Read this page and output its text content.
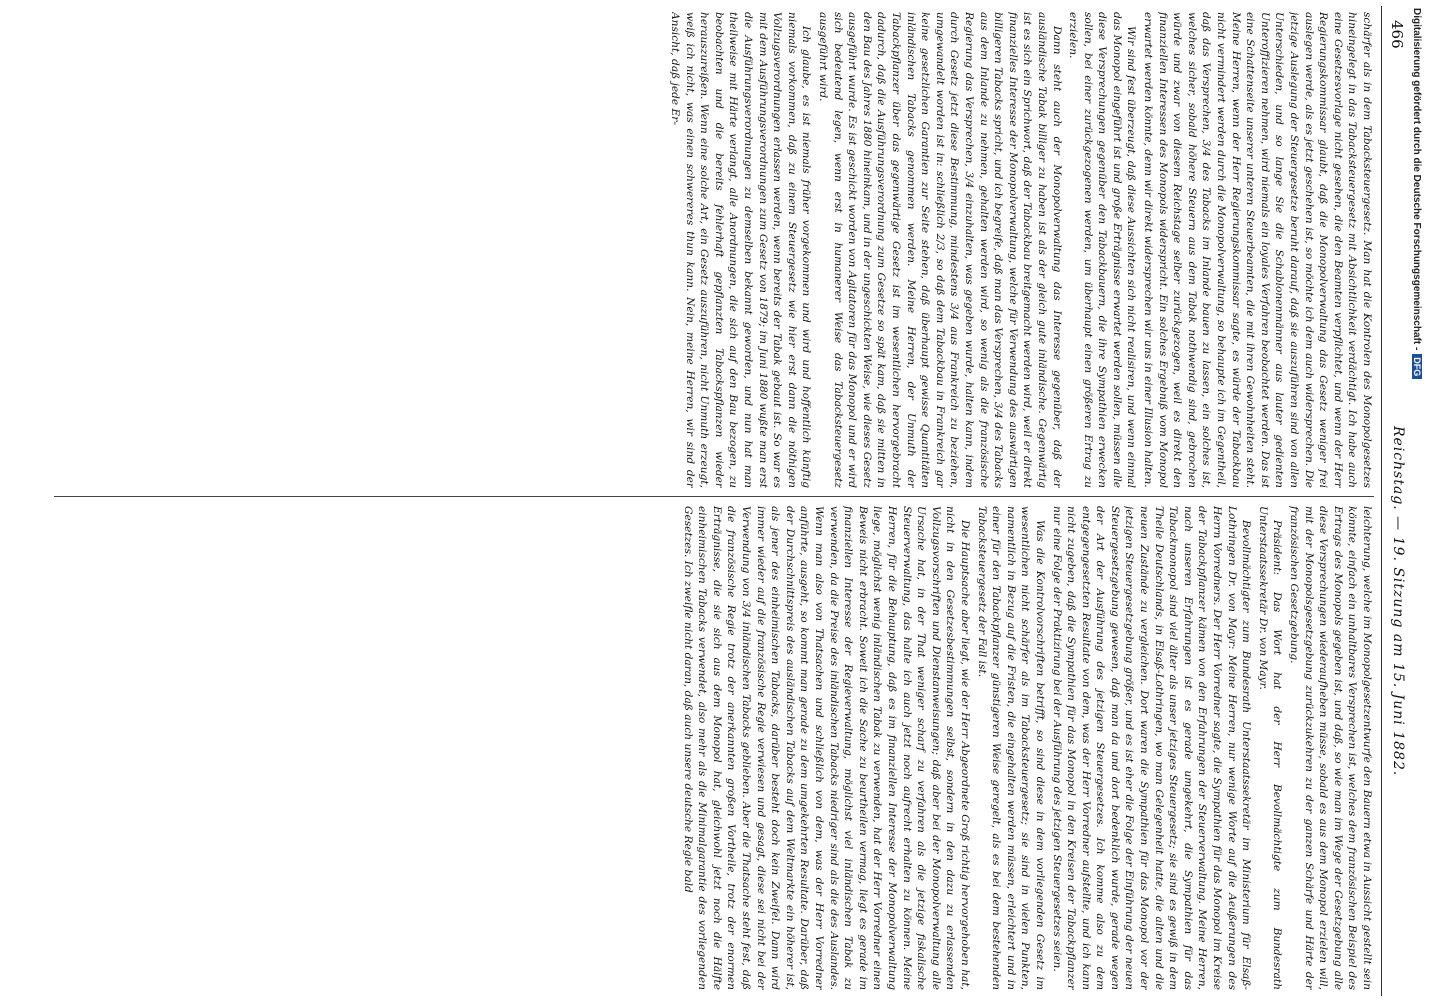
466
Reichstag. — 19. Sitzung am 15. Juni 1882.

schärfer als in dem Tabacksteuergesetz. Man hat die Kontrolen des Monopolgesetzes hineingelegt in das Tabacksteuergesetz mit Absichtlichkeit verdächtigt. Ich habe auch eine Gesetzesvorlage nicht gesehen, die den Beamten verpflichtet, und wenn der Herr Regierungskommissar glaubt, daß die Monopolverwaltung das Gesetz weniger frei auslegen werde, als es jetzt geschehen ist, so möchte ich dem auch widersprechen. Die jetzige Auslegung der Steuergesetze beruht darauf, daß sie auszuführen sind von allen Unterschieden, und so lange Sie die Schablonenmänner aus lauter gedienten Unteroffizieren nehmen, wird niemals ein loyales Verfahren beobachtet werden. Das ist eine Schattenseite unserer unteren Steuerbeamten, die mit ihren Gewohnheiten steht. Meine Herren, wenn der Herr Regierungskommissar sagte, es würde der Tabackbau nicht vermindert werden durch die Monopolverwaltung, so behaupte ich im Gegentheil, daß das Versprechen, 3/4 des Tabacks im Inlande bauen zu lassen, ein solches ist, welches sicher, sobald höhere Steuern aus dem Tabak nothwendig sind, gebrochen würde und zwar von diesem Reichstage selber zurückgezogen, weil es direkt den finanziellen Interessen des Monopols widerspricht. Ein solches Ergebniß vom Monopol erwartet werden könnte, denn wir direkt widersprechen wir uns in einer Illusion halten.

Wir sind fest überzeugt, daß diese Aussichten sich nicht realisiren, und wenn einmal das Monopol eingeführt ist und große Erträgnisse erwartet werden sollen, müssen alle diese Versprechungen gegenüber den Tabackbauern, die ihre Sympathien erwecken sollen, bei einer zurückgezogenen werden, um überhaupt einen größeren Ertrag zu erzielen.

Dann steht auch der Monopolverwaltung das Interesse gegenüber, daß der ausländische Tabak billiger zu haben ist als der gleich gute inländische. Gegenwärtig ist es sich ein Sprichwort, daß der Tabackbau breitgemacht werden wird, weil er direkt finanzielles Interesse der Monopolverwaltung, welche für Verwendung des auswärtigen billigeren Tabacks spricht, und ich begreife, daß man das Versprechen, 3/4 des Tabacks aus dem Inlande zu nehmen, gehalten werden wird, so wenig als die französische Regierung das Versprechen, 3/4 einzuhalten, was gegeben wurde, halten kann, indem durch Gesetz jetzt diese Bestimmung, mindestens 3/4 aus Frankreich zu beziehen, umgewandelt worden ist in: schließlich 2/3, so daß dem Tabackbau in Frankreich gar keine gesetzlichen Garantien zur Seite stehen, daß überhaupt gewisse Quantitäten inländischen Tabacks genommen werden. Meine Herren, der Unmuth der Tabackpflanzer über das gegenwärtige Gesetz ist im wesentlichen hervorgebracht dadurch, daß die Ausführungsverordnung zum Gesetze so spät kam, daß sie mitten in den Bau des Jahres 1880 hineinkam, und in der ungeschickten Weise, wie dieses Gesetz ausgeführt wurde. Es ist geschickt worden von Agitatoren für das Monopol und er wird sich bedeutend legen, wenn erst in humanerer Weise das Tabacksteuergesetz ausgeführt wird.

Ich glaube, es ist niemals früher vorgekommen und wird und hoffentlich künftig niemals vorkommen, daß zu einem Steuergesetz wie hier erst dann die nöthigen Vollzugsverordnungen erlassen werden, wenn bereits der Tabak gebaut ist. So war es mit dem Ausführungsverordnungen zum Gesetz von 1879; im Juni 1880 wußte man erst die Ausführungsverordnungen zu demselben bekannt geworden, und nun hat man theilweise mit Härte verlangt, alle Anordnungen, die sich auf den Bau bezogen, zu beobachten und die bereits fehlerhaft gepflanzten Tabackspflanzen wieder herauszureißen. Wenn eine solche Art, ein Gesetz auszuführen, nicht Unmuth erzeugt, weiß ich nicht, was einen schwereres thun kann. Nein, meine Herren, wir sind der Ansicht, daß jede Er-

leichterung, welche im Monopolgesetzentwurfe den Bauern etwa in Aussicht gestellt sein könnte, einfach ein unhaltbares Versprechen ist, welches dem französischen Beispiel des Ertrags des Monopols gegeben ist, und daß, so wie man im Wege der Gesetzgebung alle diese Versprechungen wiederaufheben müsse, sobald es aus dem Monopol erzielen will, mit der Monopolsgesetzgebung zurückzukehren zu der ganzen Schärfe und Härte der französischen Gesetzgebung.

Präsident: Das Wort hat der Herr Bevollmächtigte zum Bundesrath Unterstaatssekretär Dr. von Mayr.

Bevollmächtigter zum Bundesrath Unterstaatssekretär im Ministerium für Elsaß-Lothringen Dr. von Mayr: Meine Herren, nur wenige Worte auf die Aeußerungen des Herrn Vorredners. Der Herr Vorredner sagte, die Sympathien für das Monopol im Kreise der Tabackpflanzer kämen von den Erfahrungen der Steuerverwaltung. Meine Herren, nach unseren Erfahrungen ist es gerade umgekehrt, die Sympathien für das Tabackmonopol sind viel älter als unser jetziges Steuergesetz; sie sind es gewiß in dem Theile Deutschlands, in Elsaß-Lothringen, wo man Gelegenheit hatte, die alten und die neuen Zustände zu vergleichen. Dort waren die Sympathien für das Monopol vor der jetzigen Steuergesetzgebung größer, und es ist eher die Folge der Einführung der neuen Steuergesetzgebung gewesen, daß man da und dort bedenklich wurde, gerade wegen der Art der Ausführung des jetzigen Steuergesetzes. Ich komme also zu dem entgegengesetzten Resultate von dem, was der Herr Vorredner aufstellte, und ich kann nicht zugeben, daß die Sympathien für das Monopol in den Kreisen der Tabackpflanzer nur eine Folge der Praktizirung bei der Ausführung des jetzigen Steuergesetzes seien.

Was die Kontrolvorschriften betrifft, so sind diese in dem vorliegenden Gesetz im wesentlichen nicht schärfer als im Tabacksteuergesetz; sie sind in vielen Punkten, namentlich in Bezug auf die Fristen, die eingehalten werden müssen, erleichtert und in einer für den Tabackpflanzer günstigeren Weise geregelt, als es bei dem bestehenden Tabacksteuergesetz der Fall ist.

Die Hauptsache aber liegt, wie der Herr Abgeordnete Groß richtig hervorgehoben hat, nicht in den Gesetzesbestimmungen selbst, sondern in den dazu zu erlassenden Vollzugsvorschriften und Dienstanweisungen; daß aber bei der Monopolverwaltung alle Ursache hat, in der That weniger scharf zu verfahren als die jetzige fiskalische Steuerverwaltung, das halte ich auch jetzt noch aufrecht erhalten zu können. Meine Herren, für die Behauptung, daß es im finanziellen Interesse der Monopolverwaltung liege, möglichst wenig inländischen Tabak zu verwenden, hat der Herr Vorredner einen Beweis nicht erbracht. Soweit ich die Sache zu beurtheilen vermag, liegt es gerade im finanziellen Interesse der Regieverwaltung, möglichst viel inländischen Tabak zu verwenden, da die Preise des inländischen Tabacks niedriger sind als die des Auslandes. Wenn man also von Thatsachen und schließlich von dem, was der Herr Vorredner anführte, ausgeht, so kommt man gerade zu dem umgekehrten Resultate. Darüber, daß der Durchschnittspreis des ausländischen Tabacks auf dem Weltmarkte ein höherer ist, als jener des einheimischen Tabacks, darüber besteht doch kein Zweifel. Dann wird immer wieder auf die französische Regie verwiesen und gesagt, diese sei nicht bei der Verwendung von 3/4 inländischen Tabacks geblieben. Aber die Thatsache steht fest, daß die französische Regie trotz der anerkannten großen Vortheile, trotz der enormen Erträgnisse, die sie sich aus dem Monopol hat, gleichwohl jetzt noch die Hälfte einheimischen Tabacks verwendet, also mehr als die Minimalgarantie des vorliegenden Gesetzes. Ich zweifle nicht daran, daß auch unsere deutsche Regie bald

Digitalisierung gefördert durch die Deutsche Forschungsgemeinschaft -DFG
